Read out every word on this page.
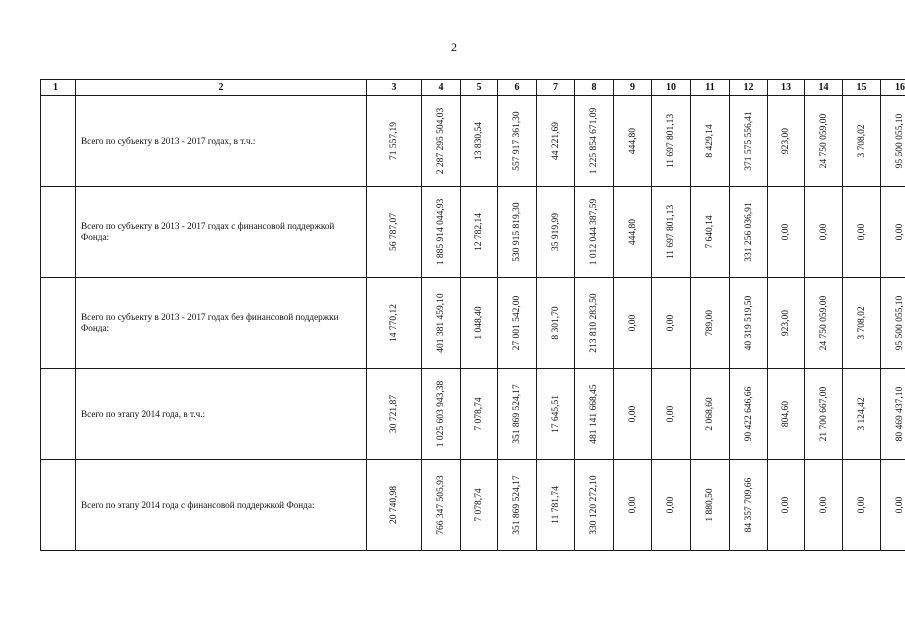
2
1	2	3	4	5	6	7	8	9	10	11	12	13	14	15	16
	Всего по субъекту в 2013 - 2017 годах, в т.ч.:	71 557,19	2 287 295 504,03	13 830,54	557 917 361,30	44 221,69	1 225 854 671,09	444,80	11 697 801,13	8 429,14	371 575 556,41	923,00	24 750 059,00	3 708,02	95 500 055,10

	Всего по субъекту в 2013 - 2017 годах с финансовой поддержкой Фонда:	56 787,07	1 885 914 044,93	12 782,14	530 915 819,30	35 919,99	1 012 044 387,59	444,80	11 697 801,13	7 640,14	331 256 036,91	0,00	0,00	0,00	0,00

	Всего по субъекту в 2013 - 2017 годах без финансовой поддержки Фонда:	14 770,12	401 381 459,10	1 048,40	27 001 542,00	8 301,70	213 810 283,50	0,00	0,00	789,00	40 319 519,50	923,00	24 750 059,00	3 708,02	95 500 055,10

	Всего по этапу 2014 года, в т.ч.:	30 721,87	1 025 603 943,38	7 078,74	351 869 524,17	17 645,51	481 141 668,45	0,00	0,00	2 068,60	90 422 646,66	804,60	21 700 667,00	3 124,42	80 469 437,10

	Всего по этапу 2014 года с финансовой поддержкой Фонда:	20 740,98	766 347 505,93	7 078,74	351 869 524,17	11 781,74	330 120 272,10	0,00	0,00	1 880,50	84 357 709,66	0,00	0,00	0,00	0,00
